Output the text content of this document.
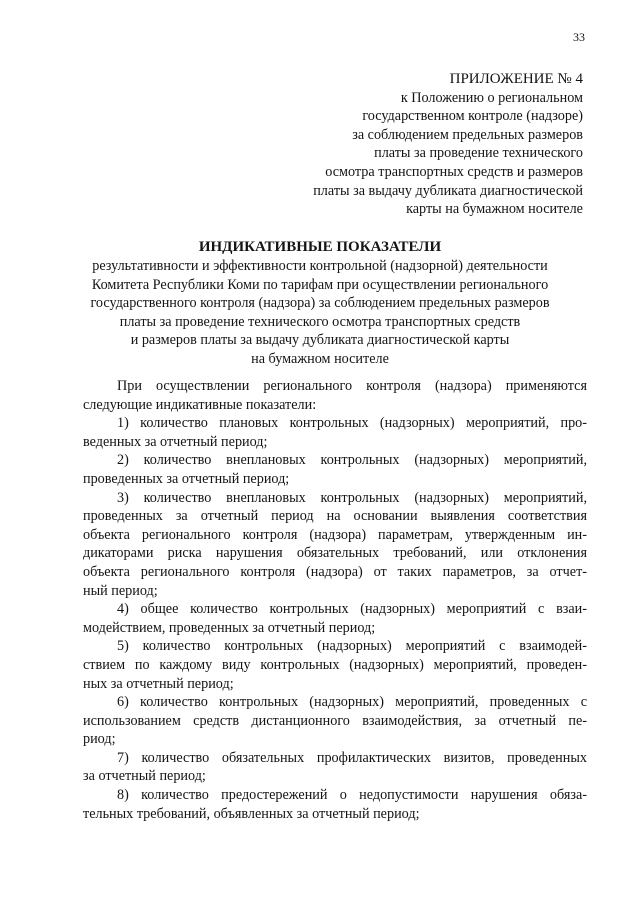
33
ПРИЛОЖЕНИЕ № 4
к Положению о региональном
государственном контроле (надзоре)
за соблюдением предельных размеров
платы за проведение технического
осмотра транспортных средств и размеров
платы за выдачу дубликата диагностической
карты на бумажном носителе
ИНДИКАТИВНЫЕ ПОКАЗАТЕЛИ
результативности и эффективности контрольной (надзорной) деятельности
Комитета Республики Коми по тарифам при осуществлении регионального
государственного контроля (надзора) за соблюдением предельных размеров
платы за проведение технического осмотра транспортных средств
и размеров платы за выдачу дубликата диагностической карты
на бумажном носителе
При осуществлении регионального контроля (надзора) применяются
следующие индикативные показатели:
1) количество плановых контрольных (надзорных) мероприятий, про-
веденных за отчетный период;
2) количество внеплановых контрольных (надзорных) мероприятий,
проведенных за отчетный период;
3) количество внеплановых контрольных (надзорных) мероприятий,
проведенных за отчетный период на основании выявления соответствия
объекта регионального контроля (надзора) параметрам, утвержденным ин-
дикаторами риска нарушения обязательных требований, или отклонения
объекта регионального контроля (надзора) от таких параметров, за отчет-
ный период;
4) общее количество контрольных (надзорных) мероприятий с взаи-
модействием, проведенных за отчетный период;
5) количество контрольных (надзорных) мероприятий с взаимодей-
ствием по каждому виду контрольных (надзорных) мероприятий, проведен-
ных за отчетный период;
6) количество контрольных (надзорных) мероприятий, проведенных с
использованием средств дистанционного взаимодействия, за отчетный пе-
риод;
7) количество обязательных профилактических визитов, проведенных
за отчетный период;
8) количество предостережений о недопустимости нарушения обяза-
тельных требований, объявленных за отчетный период;
